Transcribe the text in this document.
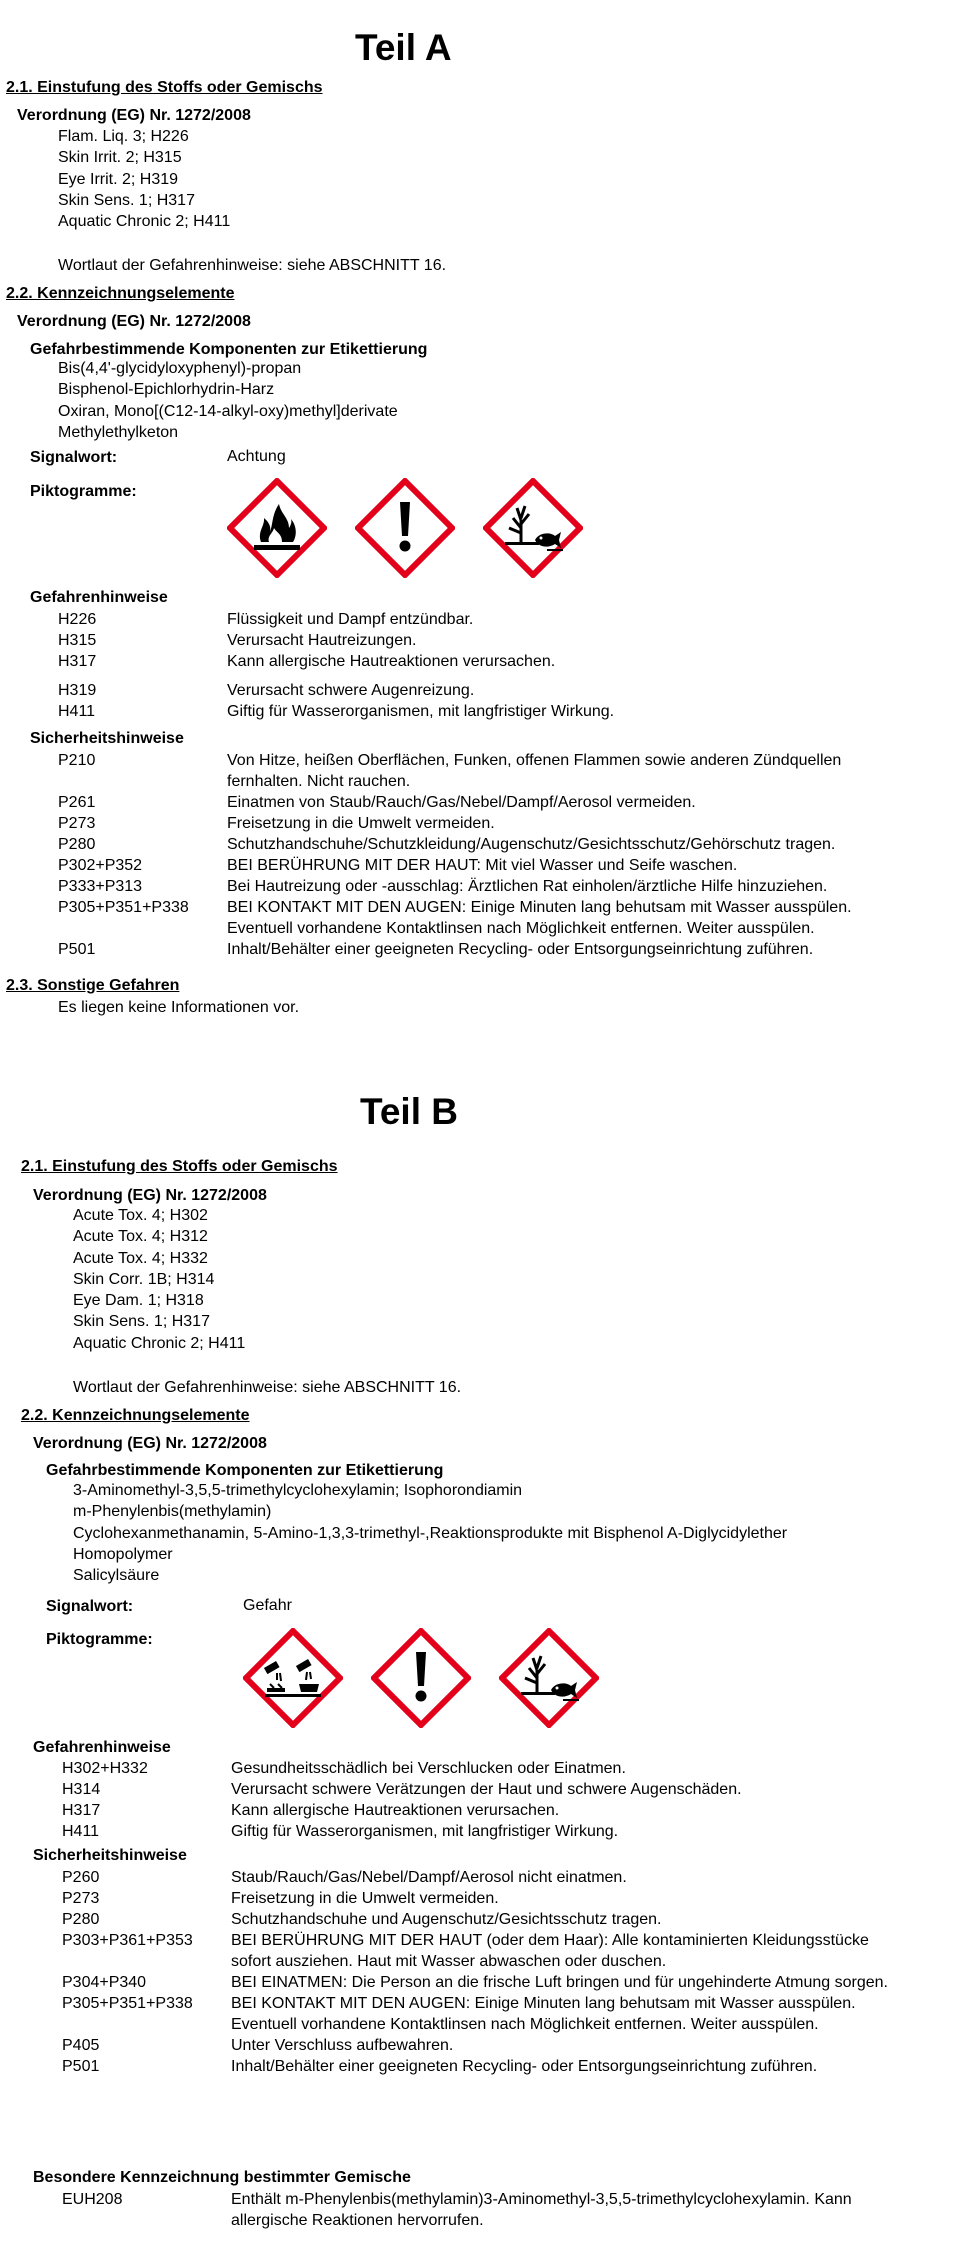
Teil A
2.1. Einstufung des Stoffs oder Gemischs
Verordnung (EG) Nr. 1272/2008
Flam. Liq. 3; H226
Skin Irrit. 2; H315
Eye Irrit. 2; H319
Skin Sens. 1; H317
Aquatic Chronic 2; H411
Wortlaut der Gefahrenhinweise: siehe ABSCHNITT 16.
2.2. Kennzeichnungselemente
Verordnung (EG) Nr. 1272/2008
Gefahrbestimmende Komponenten zur Etikettierung
Bis(4,4'-glycidyloxyphenyl)-propan
Bisphenol-Epichlorhydrin-Harz
Oxiran, Mono[(C12-14-alkyl-oxy)methyl]derivate
Methylethylketon
Signalwort:	Achtung
Piktogramme:
Gefahrenhinweise
H226	Flüssigkeit und Dampf entzündbar.
H315	Verursacht Hautreizungen.
H317	Kann allergische Hautreaktionen verursachen.
H319	Verursacht schwere Augenreizung.
H411	Giftig für Wasserorganismen, mit langfristiger Wirkung.
Sicherheitshinweise
P210	Von Hitze, heißen Oberflächen, Funken, offenen Flammen sowie anderen Zündquellen fernhalten. Nicht rauchen.
P261	Einatmen von Staub/Rauch/Gas/Nebel/Dampf/Aerosol vermeiden.
P273	Freisetzung in die Umwelt vermeiden.
P280	Schutzhandschuhe/Schutzkleidung/Augenschutz/Gesichtsschutz/Gehörschutz tragen.
P302+P352	BEI BERÜHRUNG MIT DER HAUT: Mit viel Wasser und Seife waschen.
P333+P313	Bei Hautreizung oder -ausschlag: Ärztlichen Rat einholen/ärztliche Hilfe hinzuziehen.
P305+P351+P338	BEI KONTAKT MIT DEN AUGEN: Einige Minuten lang behutsam mit Wasser ausspülen. Eventuell vorhandene Kontaktlinsen nach Möglichkeit entfernen. Weiter ausspülen.
P501	Inhalt/Behälter einer geeigneten Recycling- oder Entsorgungseinrichtung zuführen.
2.3. Sonstige Gefahren
Es liegen keine Informationen vor.
Teil B
2.1. Einstufung des Stoffs oder Gemischs
Verordnung (EG) Nr. 1272/2008
Acute Tox. 4; H302
Acute Tox. 4; H312
Acute Tox. 4; H332
Skin Corr. 1B; H314
Eye Dam. 1; H318
Skin Sens. 1; H317
Aquatic Chronic 2; H411
Wortlaut der Gefahrenhinweise: siehe ABSCHNITT 16.
2.2. Kennzeichnungselemente
Verordnung (EG) Nr. 1272/2008
Gefahrbestimmende Komponenten zur Etikettierung
3-Aminomethyl-3,5,5-trimethylcyclohexylamin; Isophorondiamin
m-Phenylenbis(methylamin)
Cyclohexanmethanamin, 5-Amino-1,3,3-trimethyl-,Reaktionsprodukte mit Bisphenol A-Diglycidylether
Homopolymer
Salicylsäure
Signalwort:	Gefahr
Piktogramme:
Gefahrenhinweise
H302+H332	Gesundheitsschädlich bei Verschlucken oder Einatmen.
H314	Verursacht schwere Verätzungen der Haut und schwere Augenschäden.
H317	Kann allergische Hautreaktionen verursachen.
H411	Giftig für Wasserorganismen, mit langfristiger Wirkung.
Sicherheitshinweise
P260	Staub/Rauch/Gas/Nebel/Dampf/Aerosol nicht einatmen.
P273	Freisetzung in die Umwelt vermeiden.
P280	Schutzhandschuhe und Augenschutz/Gesichtsschutz tragen.
P303+P361+P353	BEI BERÜHRUNG MIT DER HAUT (oder dem Haar): Alle kontaminierten Kleidungsstücke sofort ausziehen. Haut mit Wasser abwaschen oder duschen.
P304+P340	BEI EINATMEN: Die Person an die frische Luft bringen und für ungehinderte Atmung sorgen.
P305+P351+P338	BEI KONTAKT MIT DEN AUGEN: Einige Minuten lang behutsam mit Wasser ausspülen. Eventuell vorhandene Kontaktlinsen nach Möglichkeit entfernen. Weiter ausspülen.
P405	Unter Verschluss aufbewahren.
P501	Inhalt/Behälter einer geeigneten Recycling- oder Entsorgungseinrichtung zuführen.
Besondere Kennzeichnung bestimmter Gemische
EUH208	Enthält m-Phenylenbis(methylamin)3-Aminomethyl-3,5,5-trimethylcyclohexylamin. Kann allergische Reaktionen hervorrufen.
